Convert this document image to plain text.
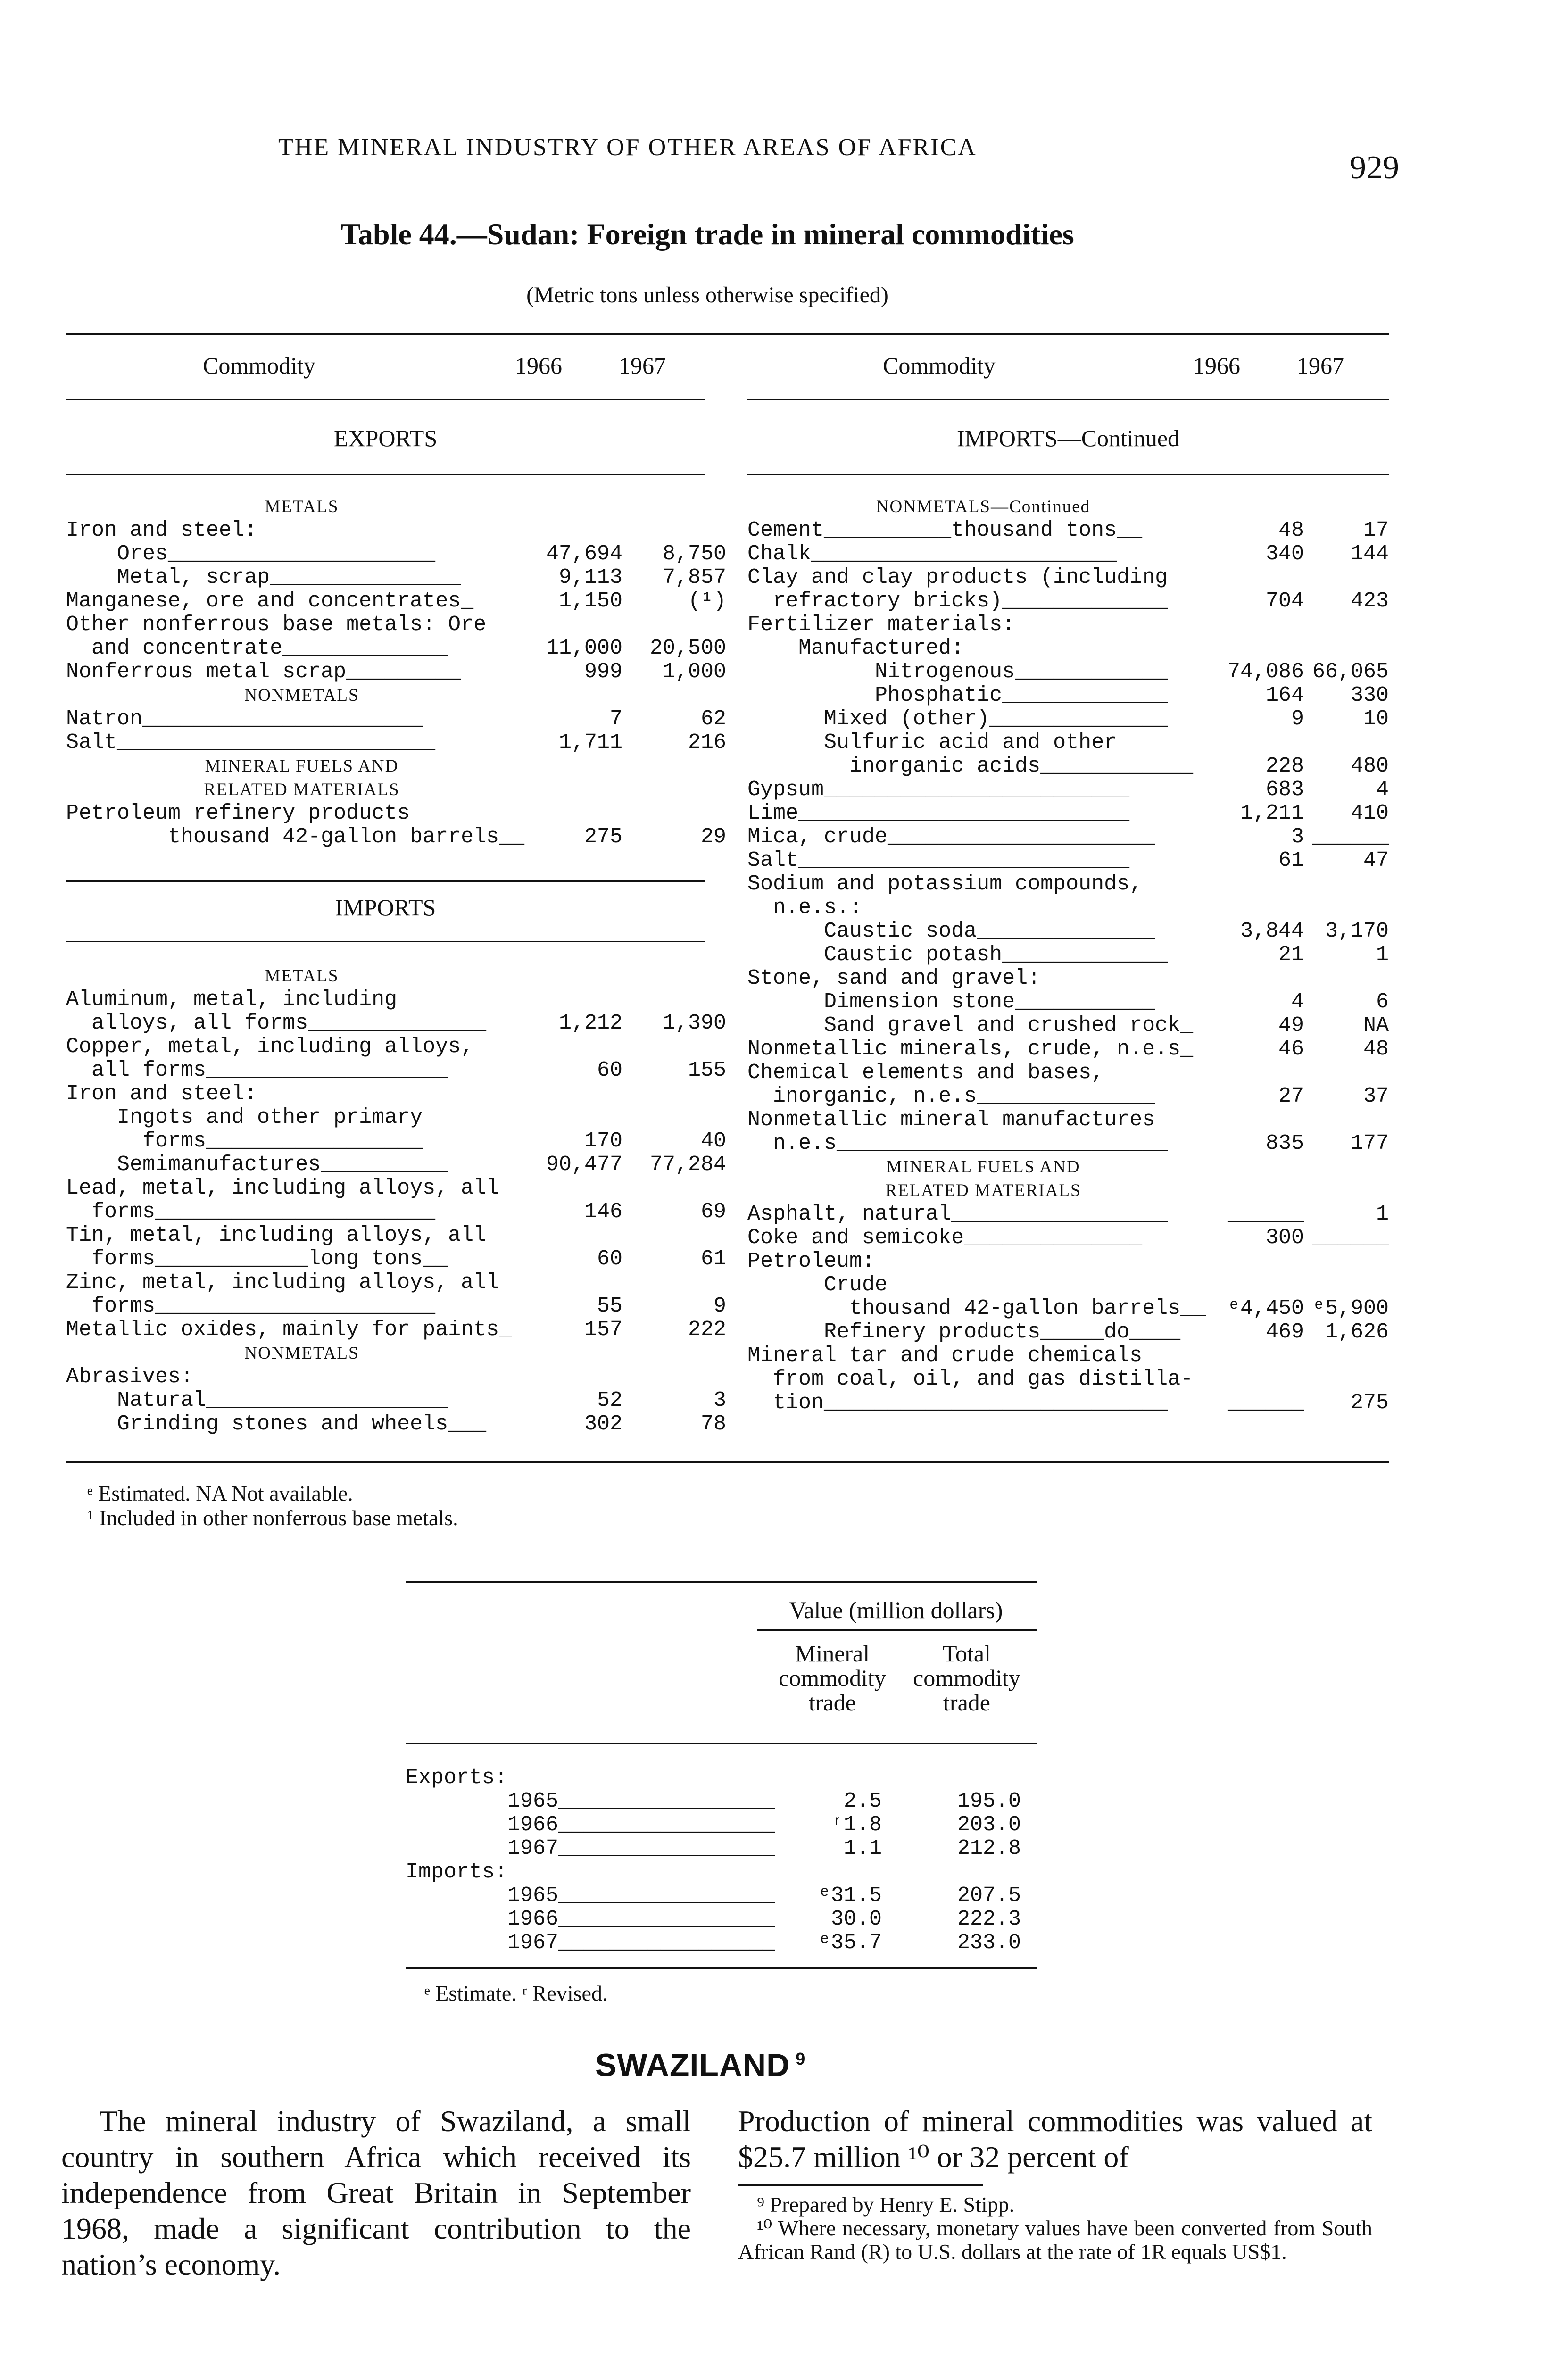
THE MINERAL INDUSTRY OF OTHER AREAS OF AFRICA
929
Table 44.—Sudan: Foreign trade in mineral commodities
(Metric tons unless otherwise specified)
Commodity	1966 1967	Commodity	1966 1967
EXPORTS	IMPORTS—Continued
METALS
Iron and steel:
Ores_____________________	47,694	8,750
Metal, scrap_______________	9,113	7,857
Manganese, ore and concentrates_	1,150	(¹)
Other nonferrous base metals: Ore
and concentrate_____________	11,000	20,500
Nonferrous metal scrap_________	999	1,000
NONMETALS
Natron______________________	7	62
Salt_________________________	1,711	216
MINERAL FUELS AND
RELATED MATERIALS
Petroleum refinery products
thousand 42-gallon barrels__	275	29
IMPORTS
METALS
Aluminum, metal, including
alloys, all forms______________	1,212	1,390
Copper, metal, including alloys,
all forms___________________	60	155
Iron and steel:
Ingots and other primary
forms_________________	170	40
Semimanufactures__________	90,477	77,284
Lead, metal, including alloys, all
forms______________________	146	69
Tin, metal, including alloys, all
forms____________long tons__	60	61
Zinc, metal, including alloys, all
forms______________________	55	9
Metallic oxides, mainly for paints_	157	222
NONMETALS
Abrasives:
Natural___________________	52	3
Grinding stones and wheels___	302	78
NONMETALS—Continued
Cement__________thousand tons__	48	17
Chalk________________________	340	144
Clay and clay products (including
refractory bricks)_____________	704	423
Fertilizer materials:
Manufactured:
Nitrogenous____________	74,086 66,065
Phosphatic_____________	164	330
Mixed (other)______________	9	10
Sulfuric acid and other
inorganic acids____________	228	480
Gypsum________________________	683	4
Lime__________________________	1,211	410
Mica, crude_____________________	3 ______
Salt__________________________	61	47
Sodium and potassium compounds,
n.e.s.:
Caustic soda______________	3,844 3,170
Caustic potash_____________	21	1
Stone, sand and gravel:
Dimension stone___________	4	6
Sand gravel and crushed rock_	49	NA
Nonmetallic minerals, crude, n.e.s_	46	48
Chemical elements and bases,
inorganic, n.e.s______________	27	37
Nonmetallic mineral manufactures
n.e.s__________________________	835	177
MINERAL FUELS AND
RELATED MATERIALS
Asphalt, natural_________________	______	1
Coke and semicoke______________	300 ______
Petroleum:
Crude
thousand 42-gallon barrels__	ᵉ4,450 ᵉ5,900
Refinery products_____do____	469 1,626
Mineral tar and crude chemicals
from coal, oil, and gas distilla-
tion___________________________	______	275
ᵉ Estimated. NA Not available.
¹ Included in other nonferrous base metals.
Value (million dollars)
Mineral
commodity
trade
Total
commodity
trade
Exports:
1965_________________	2.5	195.0
1966_________________	ʳ1.8	203.0
1967_________________	1.1	212.8
Imports:
1965_________________	ᵉ31.5	207.5
1966_________________	30.0	222.3
1967_________________	ᵉ35.7	233.0
ᵉ Estimate. ʳ Revised.
SWAZILAND $^9$
The mineral industry of Swaziland, a small country in southern Africa which received its independence from Great Britain in September 1968, made a significant contribution to the nation’s economy.
Production of mineral commodities was valued at $25.7 million ¹⁰ or 32 percent of
⁹ Prepared by Henry E. Stipp.
¹⁰ Where necessary, monetary values have been converted from South African Rand (R) to U.S. dollars at the rate of 1R equals US$1.
